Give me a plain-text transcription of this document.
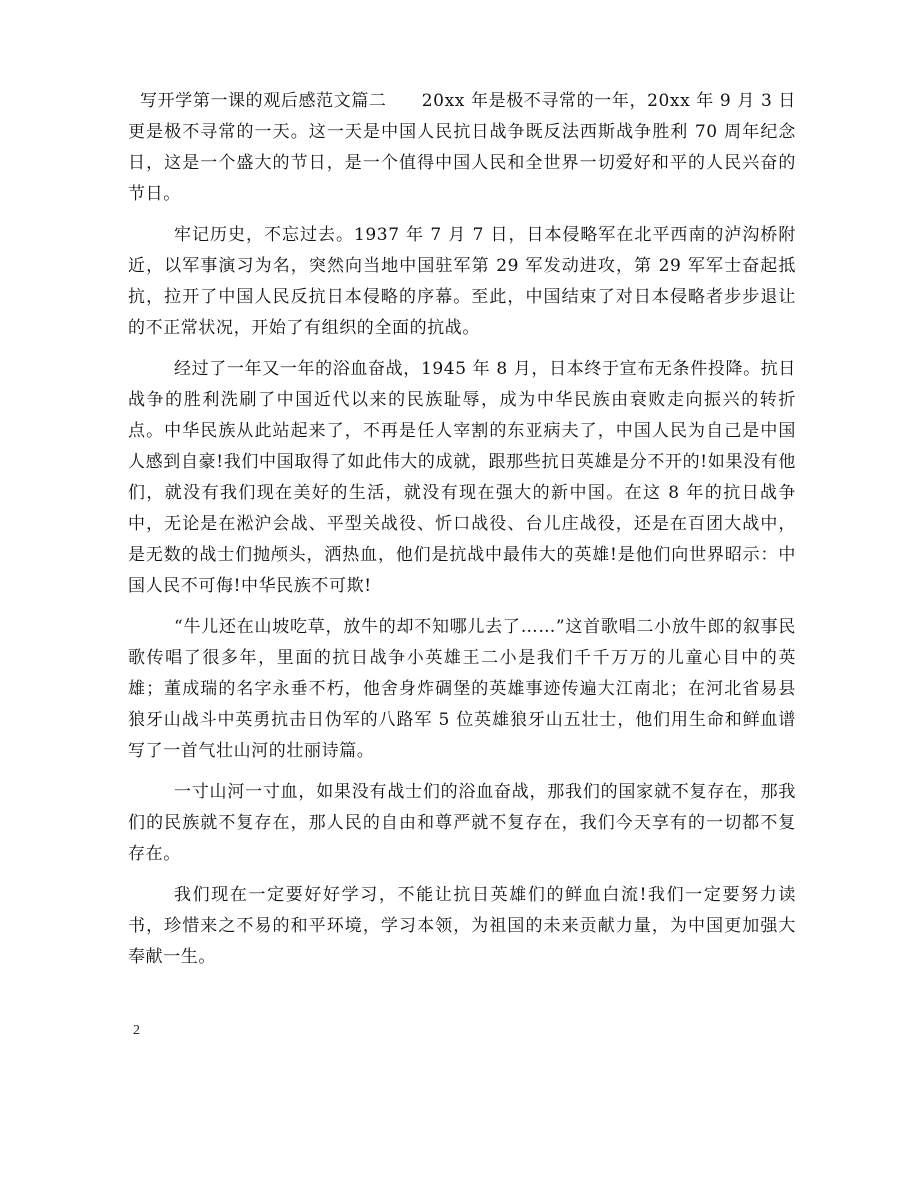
写开学第一课的观后感范文篇二　　20xx 年是极不寻常的一年，20xx 年 9 月 3 日更是极不寻常的一天。这一天是中国人民抗日战争既反法西斯战争胜利 70 周年纪念日，这是一个盛大的节日，是一个值得中国人民和全世界一切爱好和平的人民兴奋的节日。

牢记历史，不忘过去。1937 年 7 月 7 日，日本侵略军在北平西南的泸沟桥附近，以军事演习为名，突然向当地中国驻军第 29 军发动进攻，第 29 军军士奋起抵抗，拉开了中国人民反抗日本侵略的序幕。至此，中国结束了对日本侵略者步步退让的不正常状况，开始了有组织的全面的抗战。

经过了一年又一年的浴血奋战，1945 年 8 月，日本终于宣布无条件投降。抗日战争的胜利洗刷了中国近代以来的民族耻辱，成为中华民族由衰败走向振兴的转折点。中华民族从此站起来了，不再是任人宰割的东亚病夫了，中国人民为自己是中国人感到自豪!我们中国取得了如此伟大的成就，跟那些抗日英雄是分不开的!如果没有他们，就没有我们现在美好的生活，就没有现在强大的新中国。在这 8 年的抗日战争中，无论是在淞沪会战、平型关战役、忻口战役、台儿庄战役，还是在百团大战中，是无数的战士们抛颅头，洒热血，他们是抗战中最伟大的英雄!是他们向世界昭示：中国人民不可侮!中华民族不可欺!

“牛儿还在山坡吃草，放牛的却不知哪儿去了……”这首歌唱二小放牛郎的叙事民歌传唱了很多年，里面的抗日战争小英雄王二小是我们千千万万的儿童心目中的英雄；董成瑞的名字永垂不朽，他舍身炸碉堡的英雄事迹传遍大江南北；在河北省易县狼牙山战斗中英勇抗击日伪军的八路军 5 位英雄狼牙山五壮士，他们用生命和鲜血谱写了一首气壮山河的壮丽诗篇。

一寸山河一寸血，如果没有战士们的浴血奋战，那我们的国家就不复存在，那我们的民族就不复存在，那人民的自由和尊严就不复存在，我们今天享有的一切都不复存在。

我们现在一定要好好学习，不能让抗日英雄们的鲜血白流!我们一定要努力读书，珍惜来之不易的和平环境，学习本领，为祖国的未来贡献力量，为中国更加强大奉献一生。

2
